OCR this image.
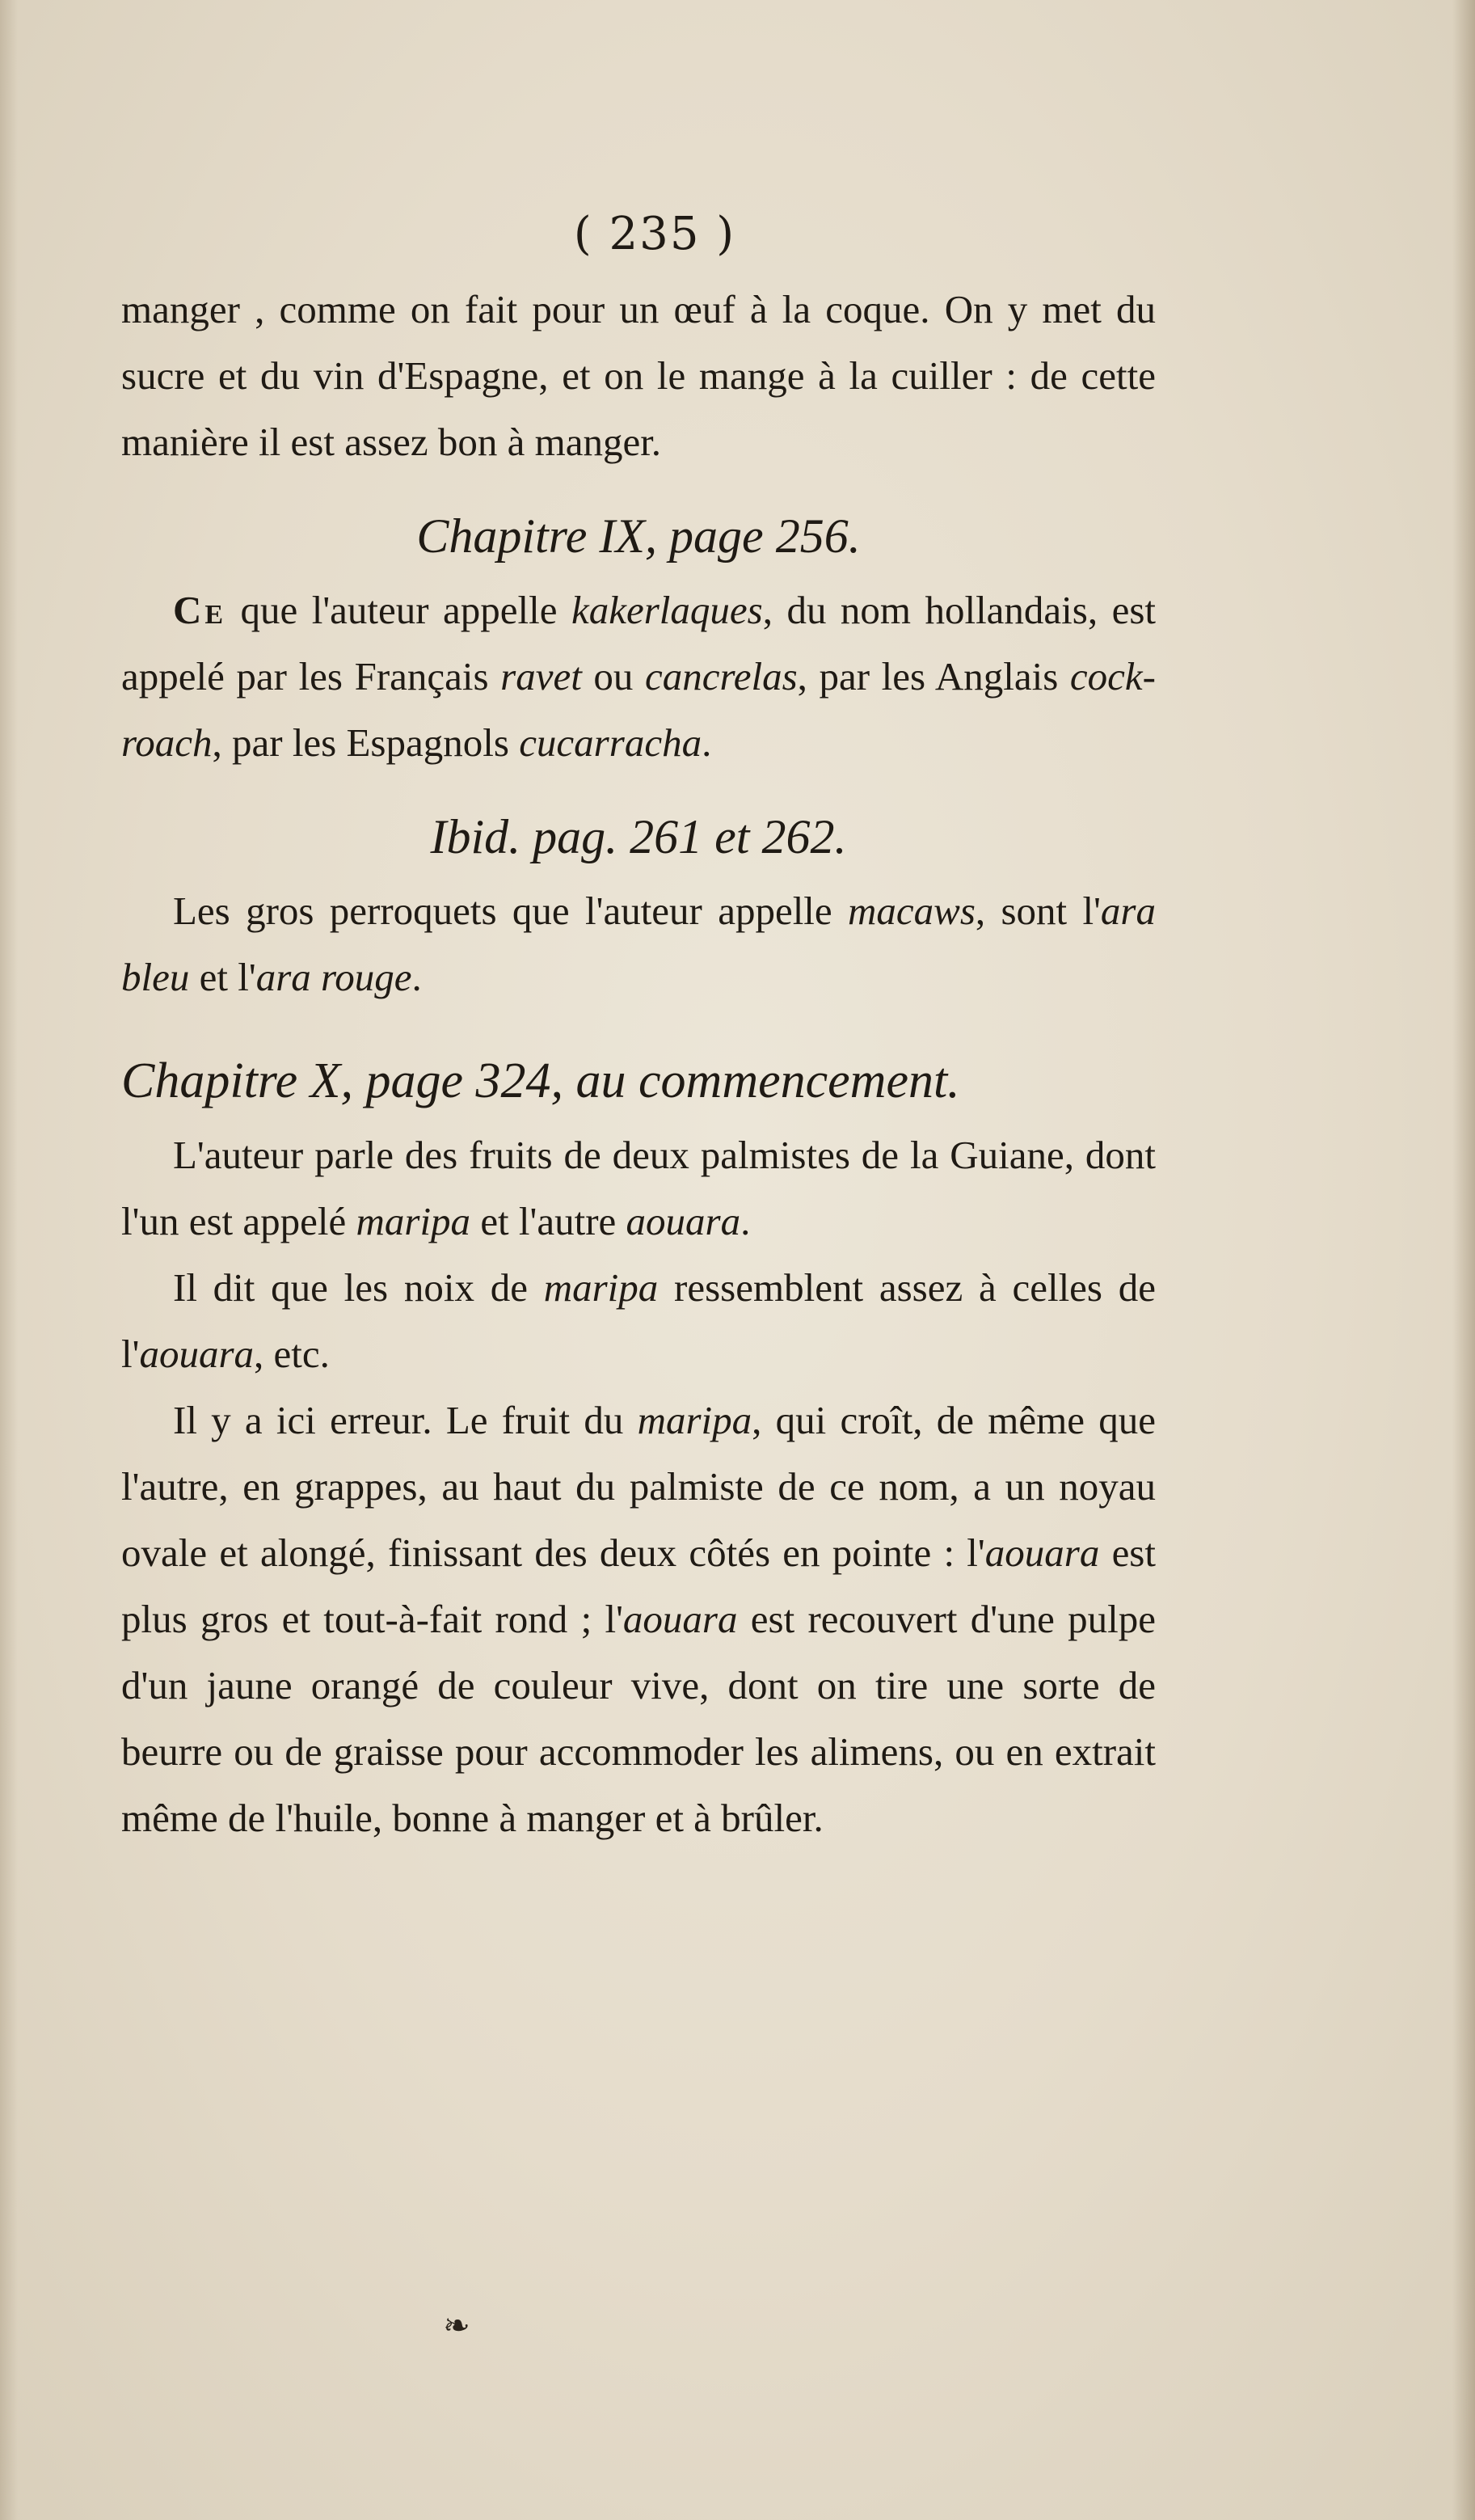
( 235 )

manger , comme on fait pour un œuf à la coque. On y met du sucre et du vin d'Espagne, et on le mange à la cuiller : de cette manière il est assez bon à manger.

Chapitre IX, page 256.

Ce que l'auteur appelle kakerlaques, du nom hollandais, est appelé par les Français ravet ou cancrelas, par les Anglais cock-roach, par les Espagnols cucarracha.

Ibid. pag. 261 et 262.

Les gros perroquets que l'auteur appelle macaws, sont l'ara bleu et l'ara rouge.

Chapitre X, page 324, au commencement.

L'auteur parle des fruits de deux palmistes de la Guiane, dont l'un est appelé maripa et l'autre aouara.

Il dit que les noix de maripa ressemblent assez à celles de l'aouara, etc.

Il y a ici erreur. Le fruit du maripa, qui croît, de même que l'autre, en grappes, au haut du palmiste de ce nom, a un noyau ovale et alongé, finissant des deux côtés en pointe : l'aouara est plus gros et tout-à-fait rond ; l'aouara est recouvert d'une pulpe d'un jaune orangé de couleur vive, dont on tire une sorte de beurre ou de graisse pour accommoder les alimens, ou en extrait même de l'huile, bonne à manger et à brûler.

❧
